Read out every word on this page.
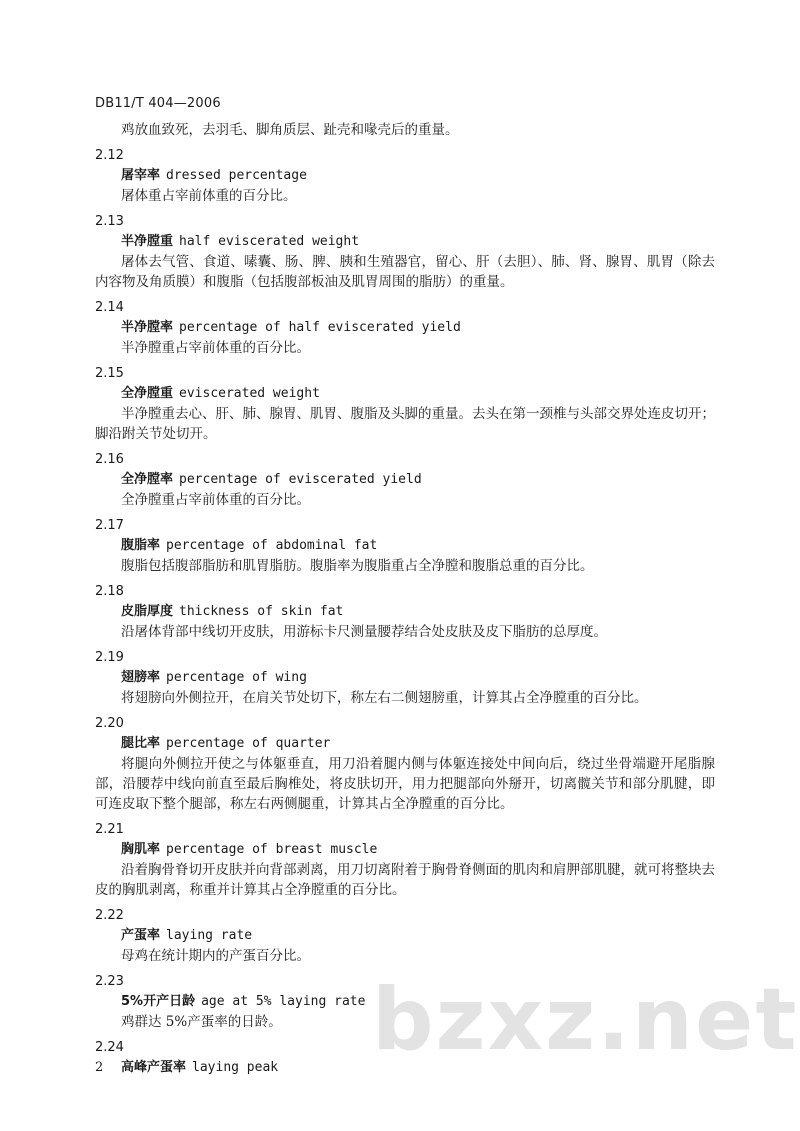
DB11/T 404—2006
鸡放血致死，去羽毛、脚角质层、趾壳和喙壳后的重量。
2.12
屠宰率 dressed percentage
屠体重占宰前体重的百分比。
2.13
半净膛重 half eviscerated weight
屠体去气管、食道、嗉囊、肠、脾、胰和生殖器官，留心、肝（去胆）、肺、肾、腺胃、肌胃（除去内容物及角质膜）和腹脂（包括腹部板油及肌胃周围的脂肪）的重量。
2.14
半净膛率 percentage of half eviscerated yield
半净膛重占宰前体重的百分比。
2.15
全净膛重 eviscerated weight
半净膛重去心、肝、肺、腺胃、肌胃、腹脂及头脚的重量。去头在第一颈椎与头部交界处连皮切开；脚沿跗关节处切开。
2.16
全净膛率 percentage of eviscerated yield
全净膛重占宰前体重的百分比。
2.17
腹脂率 percentage of abdominal fat
腹脂包括腹部脂肪和肌胃脂肪。腹脂率为腹脂重占全净膛和腹脂总重的百分比。
2.18
皮脂厚度 thickness of skin fat
沿屠体背部中线切开皮肤，用游标卡尺测量腰荐结合处皮肤及皮下脂肪的总厚度。
2.19
翅膀率 percentage of wing
将翅膀向外侧拉开，在肩关节处切下，称左右二侧翅膀重，计算其占全净膛重的百分比。
2.20
腿比率 percentage of quarter
将腿向外侧拉开使之与体躯垂直，用刀沿着腿内侧与体躯连接处中间向后，绕过坐骨端避开尾脂腺部，沿腰荐中线向前直至最后胸椎处，将皮肤切开，用力把腿部向外掰开，切离髋关节和部分肌腱，即可连皮取下整个腿部，称左右两侧腿重，计算其占全净膛重的百分比。
2.21
胸肌率 percentage of breast muscle
沿着胸骨脊切开皮肤并向背部剥离，用刀切离附着于胸骨脊侧面的肌肉和肩胛部肌腱，就可将整块去皮的胸肌剥离，称重并计算其占全净膛重的百分比。
2.22
产蛋率 laying rate
母鸡在统计期内的产蛋百分比。
2.23
5%开产日龄 age at 5% laying rate
鸡群达 5%产蛋率的日龄。
2.24
高峰产蛋率 laying peak	bzxz.net
2
